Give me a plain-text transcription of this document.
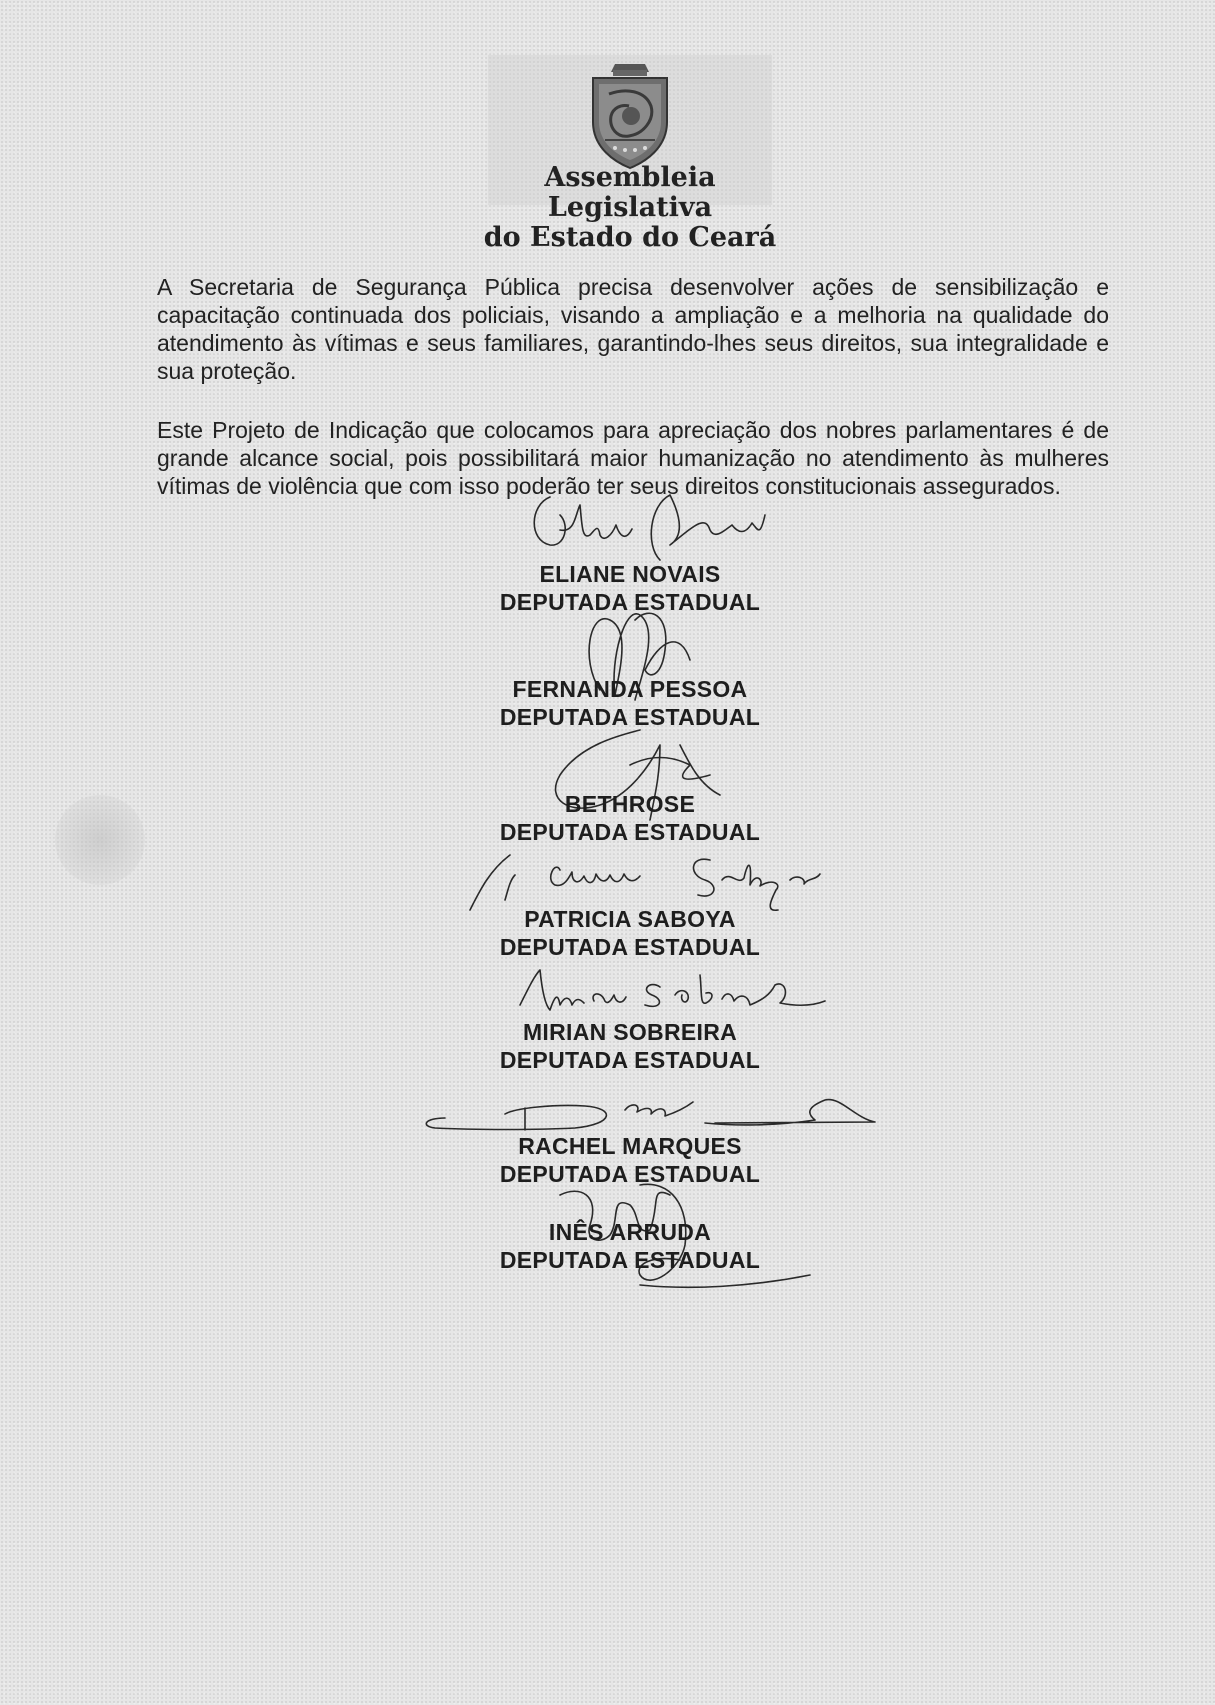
Assembleia Legislativa
do Estado do Ceará

A Secretaria de Segurança Pública precisa desenvolver ações de sensibilização e capacitação continuada dos policiais, visando a ampliação e a melhoria na qualidade do atendimento às vítimas e seus familiares, garantindo-lhes seus direitos, sua integralidade e sua proteção.

Este Projeto de Indicação que colocamos para apreciação dos nobres parlamentares é de grande alcance social, pois possibilitará maior humanização no atendimento às mulheres vítimas de violência que com isso poderão ter seus direitos constitucionais assegurados.

ELIANE NOVAIS
DEPUTADA ESTADUAL
FERNANDA PESSOA
DEPUTADA ESTADUAL
BETHROSE
DEPUTADA ESTADUAL
PATRICIA SABOYA
DEPUTADA ESTADUAL
MIRIAN SOBREIRA
DEPUTADA ESTADUAL
RACHEL MARQUES
DEPUTADA ESTADUAL
INÊS ARRUDA
DEPUTADA ESTADUAL
